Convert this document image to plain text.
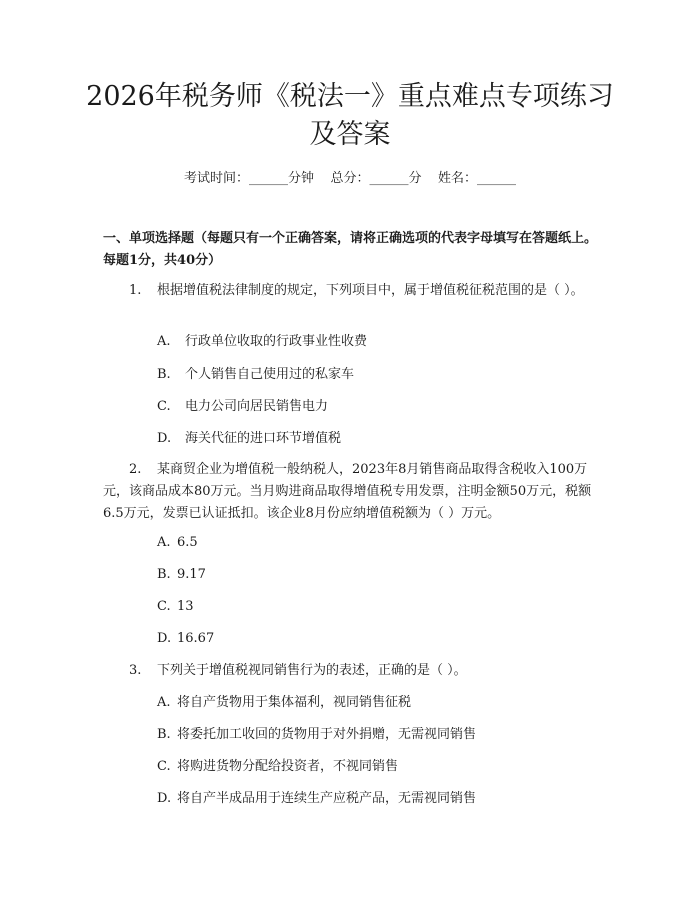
2026年税务师《税法一》重点难点专项练习及答案
考试时间：______分钟    总分：______分    姓名：______
一、单项选择题（每题只有一个正确答案，请将正确选项的代表字母填写在答题纸上。每题1分，共40分）
1. 根据增值税法律制度的规定，下列项目中，属于增值税征税范围的是（ ）。
A. 行政单位收取的行政事业性收费
B. 个人销售自己使用过的私家车
C. 电力公司向居民销售电力
D. 海关代征的进口环节增值税
2. 某商贸企业为增值税一般纳税人，2023年8月销售商品取得含税收入100万元，该商品成本80万元。当月购进商品取得增值税专用发票，注明金额50万元，税额6.5万元，发票已认证抵扣。该企业8月份应纳增值税额为（ ）万元。
A. 6.5
B. 9.17
C. 13
D. 16.67
3. 下列关于增值税视同销售行为的表述，正确的是（ ）。
A. 将自产货物用于集体福利，视同销售征税
B. 将委托加工收回的货物用于对外捐赠，无需视同销售
C. 将购进货物分配给投资者，不视同销售
D. 将自产半成品用于连续生产应税产品，无需视同销售
